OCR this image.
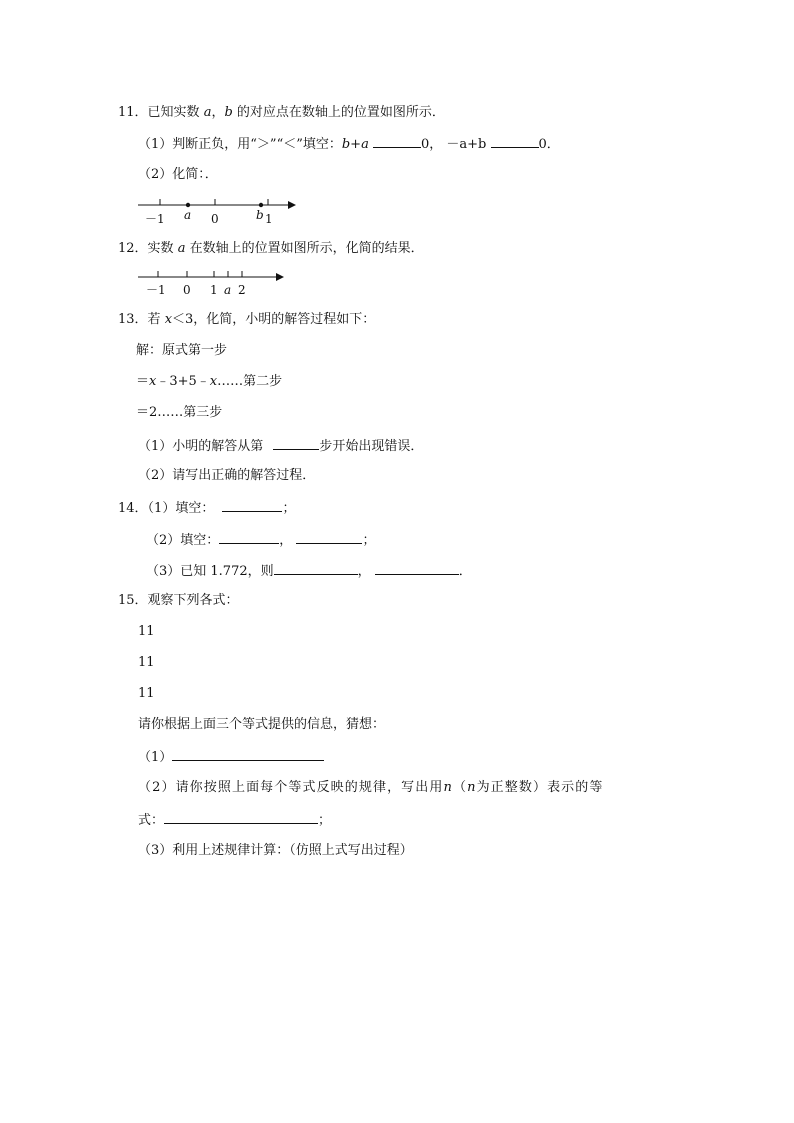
11．已知实数 a，b 的对应点在数轴上的位置如图所示．
（1）判断正负，用“＞”“＜”填空：b+a	0， －a+b	0．
（2）化简：．
－1 a 0	b 1
12．实数 a 在数轴上的位置如图所示，化简的结果．
－1 0 1 a 2
13．若 x＜3，化简，小明的解答过程如下：
解：原式第一步
＝x﹣3+5﹣x……第二步
＝2……第三步
（1）小明的解答从第	步开始出现错误．
（2）请写出正确的解答过程．
14．（1）填空：	；
（2）填空：	，	；
（3）已知 1.772，则	，	．
15．观察下列各式：
11
11
11
请你根据上面三个等式提供的信息，猜想：
（1）
（2）请你按照上面每个等式反映的规律，写出用n（n为正整数）表示的等
式：	；
（3）利用上述规律计算：（仿照上式写出过程）
